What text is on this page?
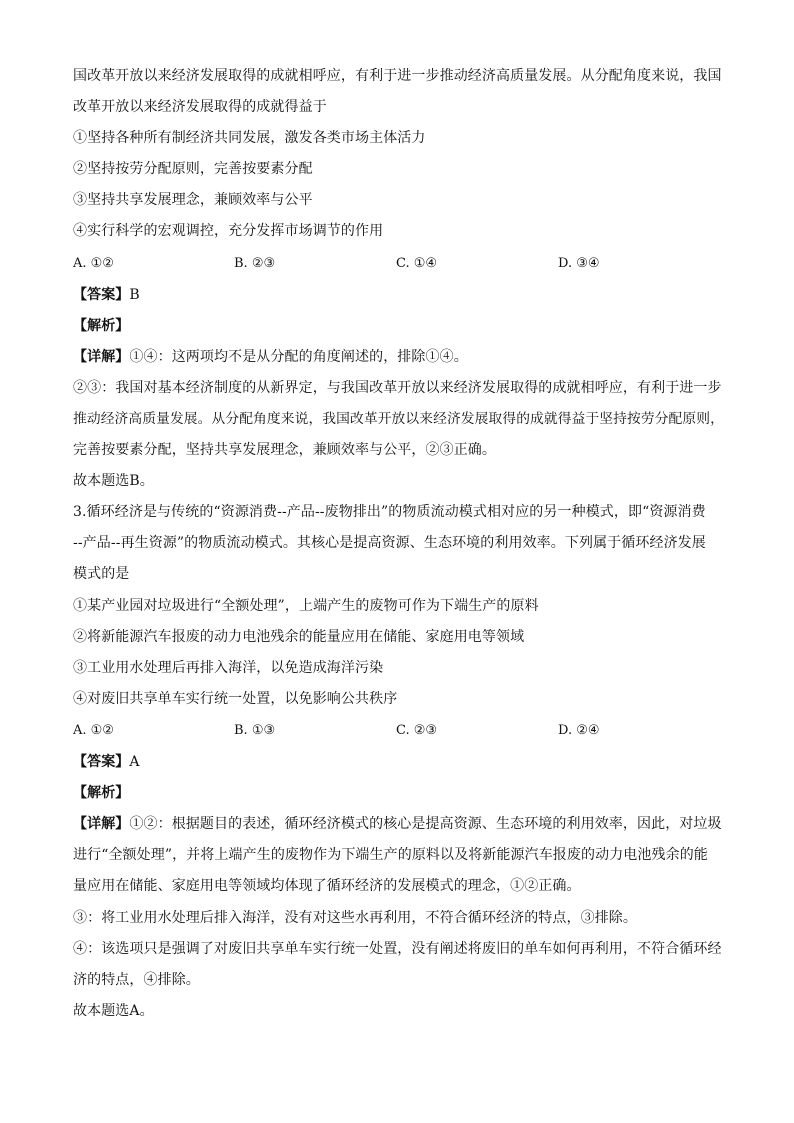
国改革开放以来经济发展取得的成就相呼应，有利于进一步推动经济高质量发展。从分配角度来说，我国
改革开放以来经济发展取得的成就得益于
①坚持各种所有制经济共同发展，激发各类市场主体活力
②坚持按劳分配原则，完善按要素分配
③坚持共享发展理念，兼顾效率与公平
④实行科学的宏观调控，充分发挥市场调节的作用
A. ①②	B. ②③	C. ①④	D. ③④
【答案】B
【解析】
【详解】①④：这两项均不是从分配的角度阐述的，排除①④。
②③：我国对基本经济制度的从新界定，与我国改革开放以来经济发展取得的成就相呼应，有利于进一步
推动经济高质量发展。从分配角度来说，我国改革开放以来经济发展取得的成就得益于坚持按劳分配原则，
完善按要素分配，坚持共享发展理念，兼顾效率与公平，②③正确。
故本题选B。
3.循环经济是与传统的“资源消费--产品--废物排出”的物质流动模式相对应的另一种模式，即“资源消费
--产品--再生资源”的物质流动模式。其核心是提高资源、生态环境的利用效率。下列属于循环经济发展
模式的是
①某产业园对垃圾进行“全额处理”，上端产生的废物可作为下端生产的原料
②将新能源汽车报废的动力电池残余的能量应用在储能、家庭用电等领域
③工业用水处理后再排入海洋，以免造成海洋污染
④对废旧共享单车实行统一处置，以免影响公共秩序
A. ①②	B. ①③	C. ②③	D. ②④
【答案】A
【解析】
【详解】①②：根据题目的表述，循环经济模式的核心是提高资源、生态环境的利用效率，因此，对垃圾
进行“全额处理”，并将上端产生的废物作为下端生产的原料以及将新能源汽车报废的动力电池残余的能
量应用在储能、家庭用电等领域均体现了循环经济的发展模式的理念，①②正确。
③：将工业用水处理后排入海洋，没有对这些水再利用，不符合循环经济的特点，③排除。
④：该选项只是强调了对废旧共享单车实行统一处置，没有阐述将废旧的单车如何再利用，不符合循环经
济的特点，④排除。
故本题选A。
